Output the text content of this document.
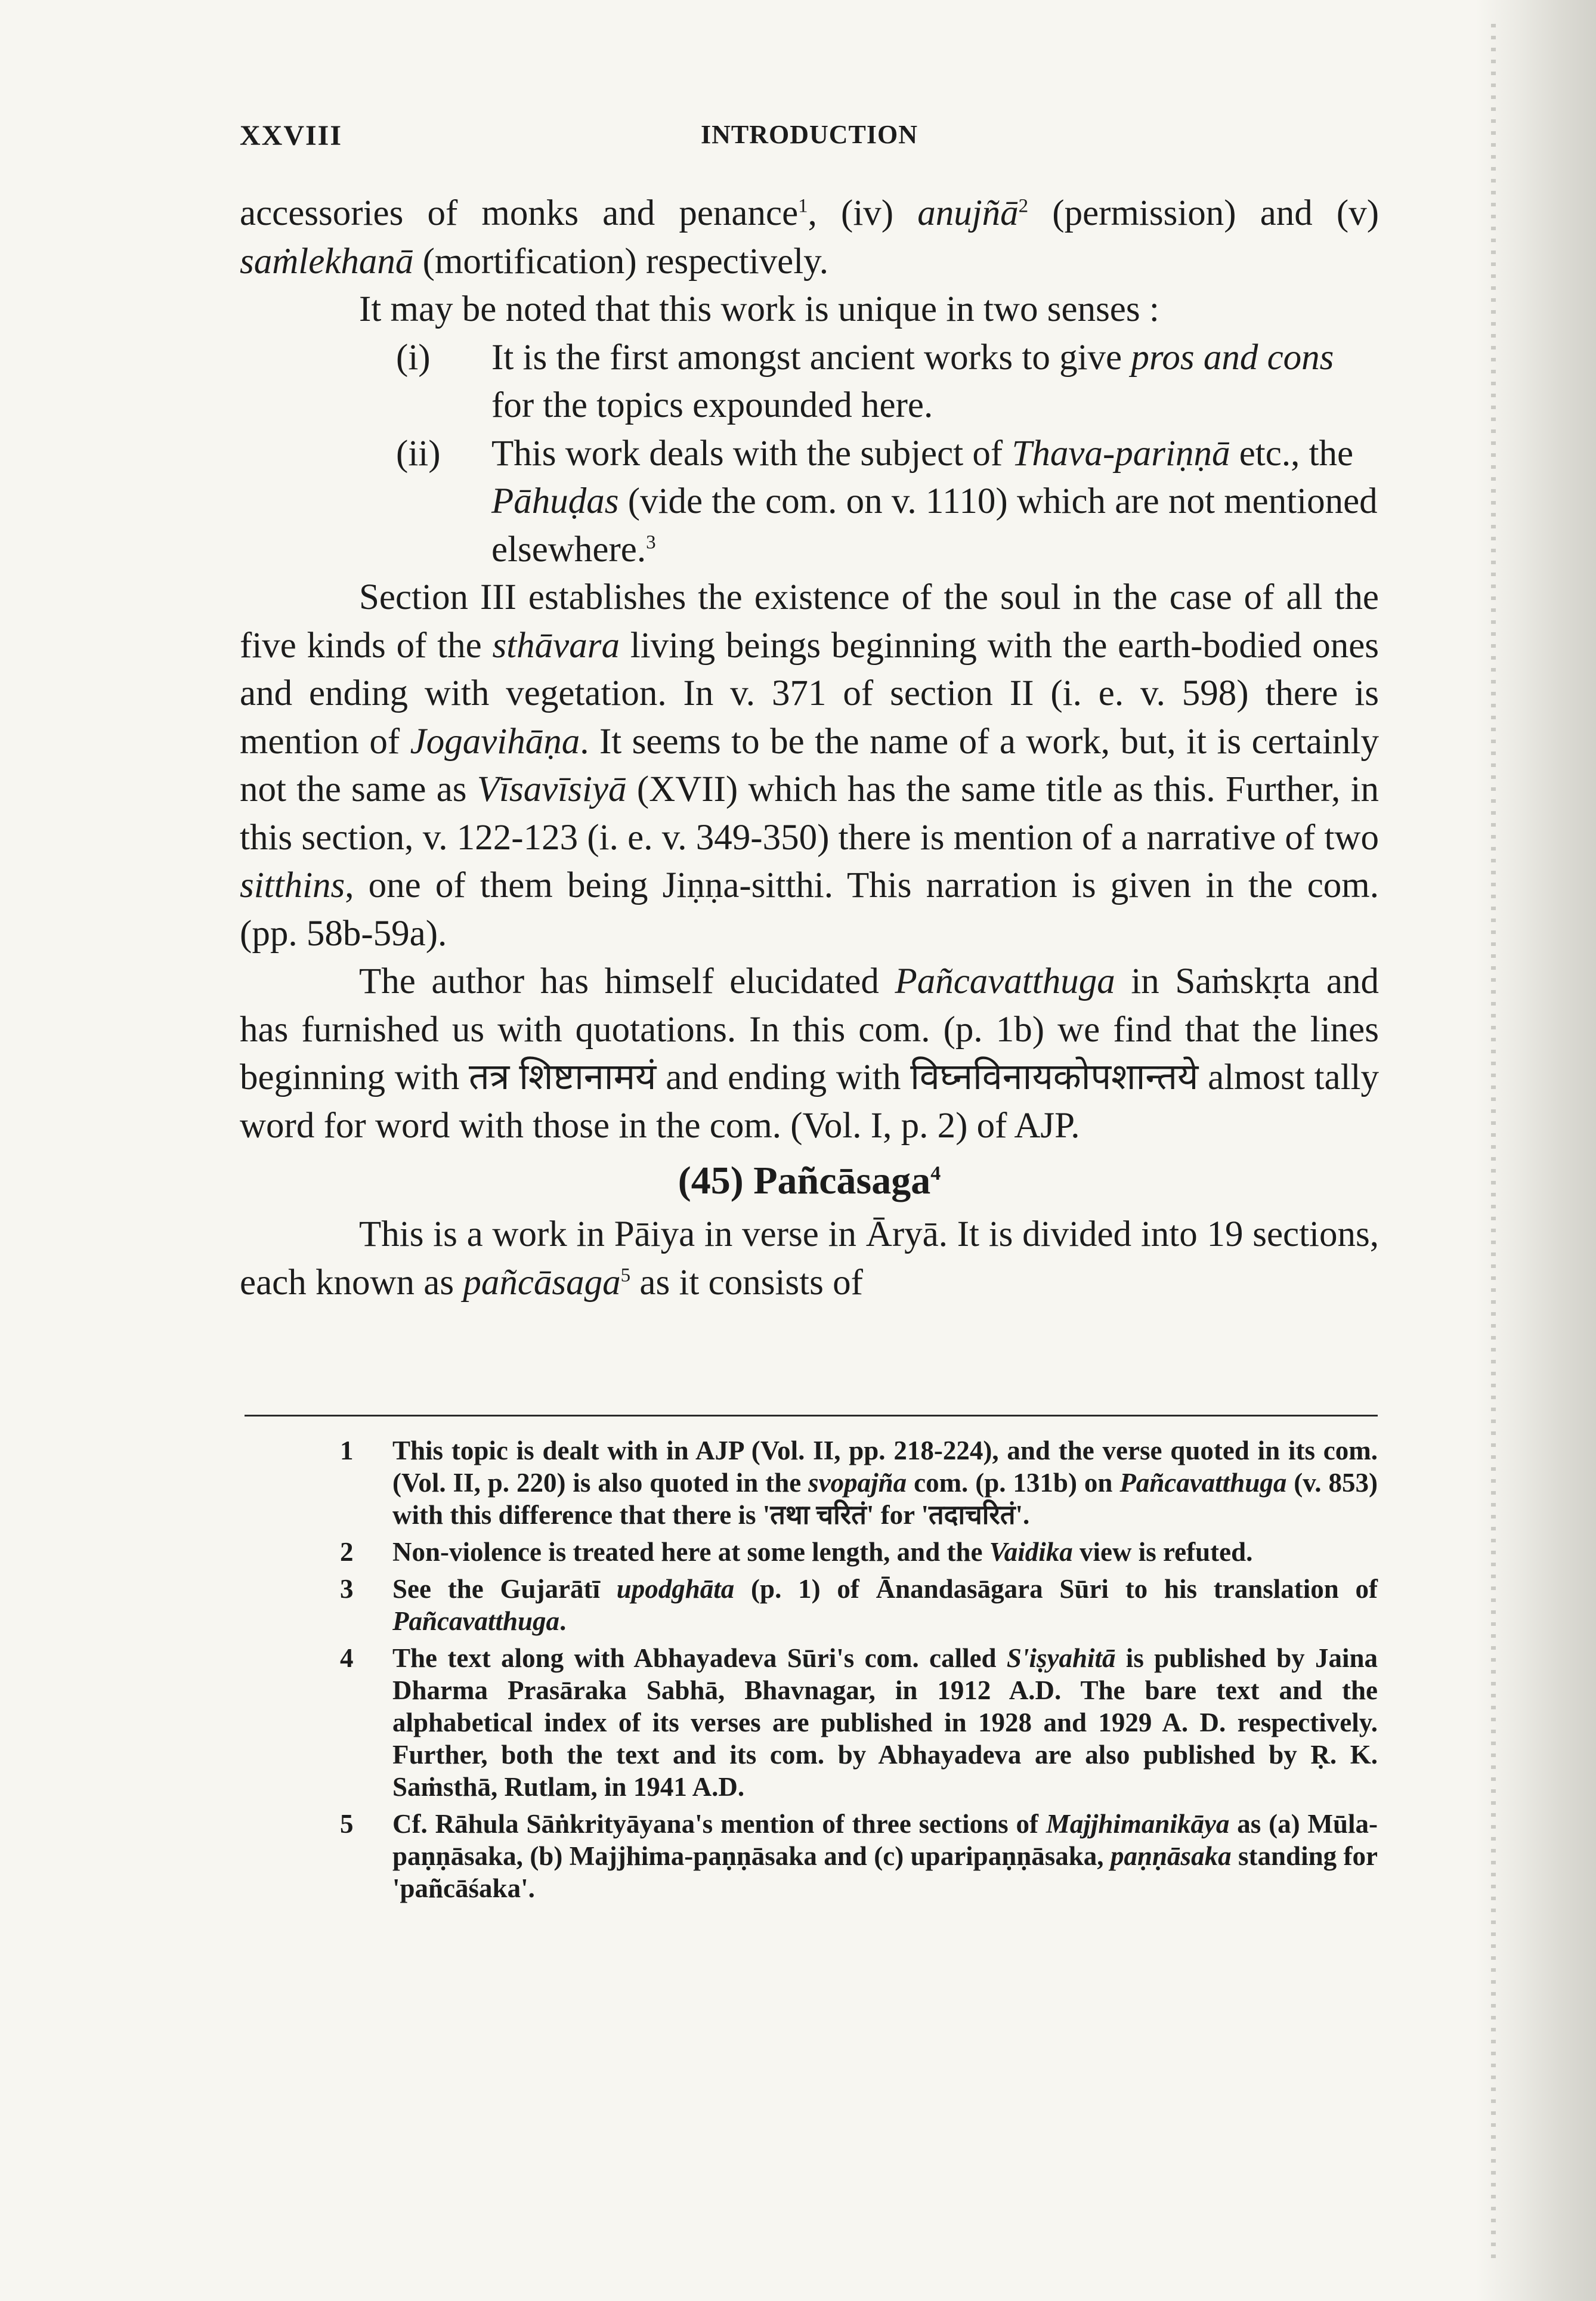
XXVIII	INTRODUCTION

accessories of monks and penance$^1$, (iv) anujñā$^2$ (permission) and (v) saṁlekhanā (mortification) respectively.

It may be noted that this work is unique in two senses :

(i)	It is the first amongst ancient works to give pros and cons for the topics expounded here.
(ii)	This work deals with the subject of Thava-pariṇṇā etc., the Pāhuḍas (vide the com. on v. 1110) which are not mentioned elsewhere.$^3$

Section III establishes the existence of the soul in the case of all the five kinds of the sthāvara living beings beginning with the earth-bodied ones and ending with vegetation. In v. 371 of section II (i. e. v. 598) there is mention of Jogavihāṇa. It seems to be the name of a work, but, it is certainly not the same as Vīsavīsiyā (XVII) which has the same title as this. Further, in this section, v. 122-123 (i. e. v. 349-350) there is mention of a narrative of two sitthins, one of them being Jiṇṇa-sitthi. This narration is given in the com. (pp. 58b-59a).

The author has himself elucidated Pañcavatthuga in Saṁskṛta and has furnished us with quotations. In this com. (p. 1b) we find that the lines beginning with तत्र शिष्टानामयं and ending with विघ्नविनायकोपशान्तये almost tally word for word with those in the com. (Vol. I, p. 2) of AJP.

(45) Pañcāsaga$^4$

This is a work in Pāiya in verse in Āryā. It is divided into 19 sections, each known as pañcāsaga$^5$ as it consists of

1	This topic is dealt with in AJP (Vol. II, pp. 218-224), and the verse quoted in its com. (Vol. II, p. 220) is also quoted in the svopajña com. (p. 131b) on Pañcavatthuga (v. 853) with this difference that there is 'तथा चरितं' for 'तदाचरितं'.
2	Non-violence is treated here at some length, and the Vaidika view is refuted.
3	See the Gujarātī upodghāta (p. 1) of Ānandasāgara Sūri to his translation of Pañcavatthuga.
4	The text along with Abhayadeva Sūri's com. called S'iṣyahitā is published by Jaina Dharma Prasāraka Sabhā, Bhavnagar, in 1912 A.D. The bare text and the alphabetical index of its verses are published in 1928 and 1929 A. D. respectively. Further, both the text and its com. by Abhayadeva are also published by Ṛ. K. Saṁsthā, Rutlam, in 1941 A.D.
5	Cf. Rāhula Sāṅkrityāyana's mention of three sections of Majjhimanikāya as (a) Mūla-paṇṇāsaka, (b) Majjhima-paṇṇāsaka and (c) uparipaṇṇāsaka, paṇṇāsaka standing for 'pañcāśaka'.
